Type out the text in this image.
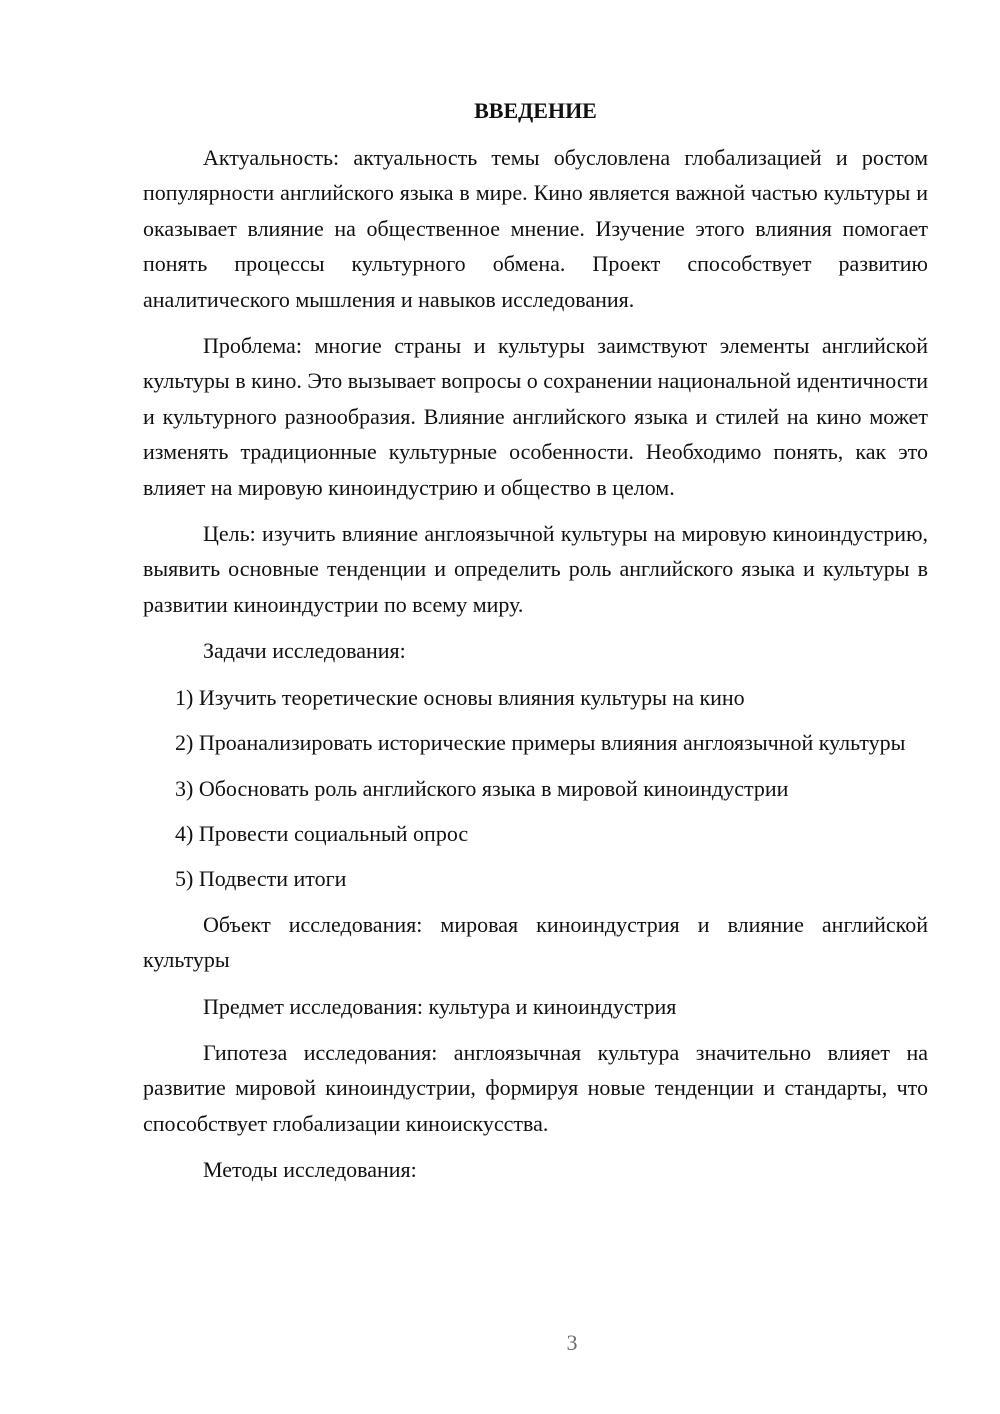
ВВЕДЕНИЕ

Актуальность: актуальность темы обусловлена глобализацией и ростом популярности английского языка в мире. Кино является важной частью культуры и оказывает влияние на общественное мнение. Изучение этого влияния помогает понять процессы культурного обмена. Проект способствует развитию аналитического мышления и навыков исследования.

Проблема: многие страны и культуры заимствуют элементы английской культуры в кино. Это вызывает вопросы о сохранении национальной идентичности и культурного разнообразия. Влияние английского языка и стилей на кино может изменять традиционные культурные особенности. Необходимо понять, как это влияет на мировую киноиндустрию и общество в целом.

Цель: изучить влияние англоязычной культуры на мировую киноиндустрию, выявить основные тенденции и определить роль английского языка и культуры в развитии киноиндустрии по всему миру.

Задачи исследования:

1) Изучить теоретические основы влияния культуры на кино

2) Проанализировать исторические примеры влияния англоязычной культуры

3) Обосновать роль английского языка в мировой киноиндустрии

4) Провести социальный опрос

5) Подвести итоги

Объект исследования: мировая киноиндустрия и влияние английской культуры

Предмет исследования: культура и киноиндустрия

Гипотеза исследования: англоязычная культура значительно влияет на развитие мировой киноиндустрии, формируя новые тенденции и стандарты, что способствует глобализации киноискусства.

Методы исследования:

3
